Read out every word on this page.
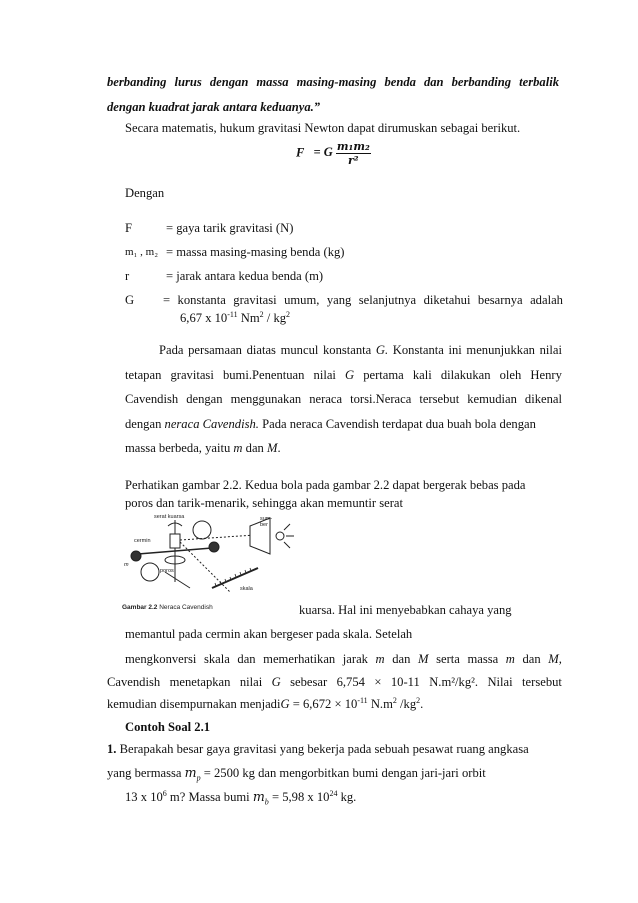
berbanding lurus dengan massa masing-masing benda dan berbanding terbalik
dengan kuadrat jarak antara keduanya.”
Secara matematis, hukum gravitasi Newton dapat dirumuskan sebagai berikut.
F = G $\frac{\text{m₁m₂}}{\text{r²}}$
Dengan
F	= gaya tarik gravitasi (N)
m₁ , m₂ = massa masing-masing benda (kg)
r	= jarak antara kedua benda (m)
G = konstanta gravitasi umum, yang selanjutnya diketahui besarnya adalah
6,67 x $10^{-11}$ $Nm^2 / kg^2$
Pada persamaan diatas muncul konstanta G. Konstanta ini menunjukkan nilai
tetapan gravitasi bumi.Penentuan nilai G pertama kali dilakukan oleh Henry
Cavendish dengan menggunakan neraca torsi.Neraca tersebut kemudian dikenal
dengan neraca Cavendish. Pada neraca Cavendish terdapat dua buah bola dengan
massa berbeda, yaitu m dan M.
Perhatikan gambar 2.2. Kedua bola pada gambar 2.2 dapat bergerak bebas pada
poros dan tarik-menarik, sehingga akan memuntir serat
serat kuarsa	sum-
ber
cermin
poros
skala
m
Gambar 2.2 Neraca Cavendish	kuarsa. Hal ini menyebabkan cahaya yang
memantul pada cermin akan bergeser pada skala. Setelah
mengkonversi skala dan memerhatikan jarak m dan M serta massa m dan M,
Cavendish menetapkan nilai G sebesar 6,754 × 10-11 N.m²/kg². Nilai tersebut
kemudian disempurnakan menjadiG = $6,672 \times 10^{-11}$ $N.m^2$ $/kg^2$.
Contoh Soal 2.1
1. Berapakah besar gaya gravitasi yang bekerja pada sebuah pesawat ruang angkasa
yang bermassa $m_p = 2500$ kg dan mengorbitkan bumi dengan jari-jari orbit
13 x $10^6$ m? Massa bumi $m_b = 5,98$ x $10^{24}$ kg.
